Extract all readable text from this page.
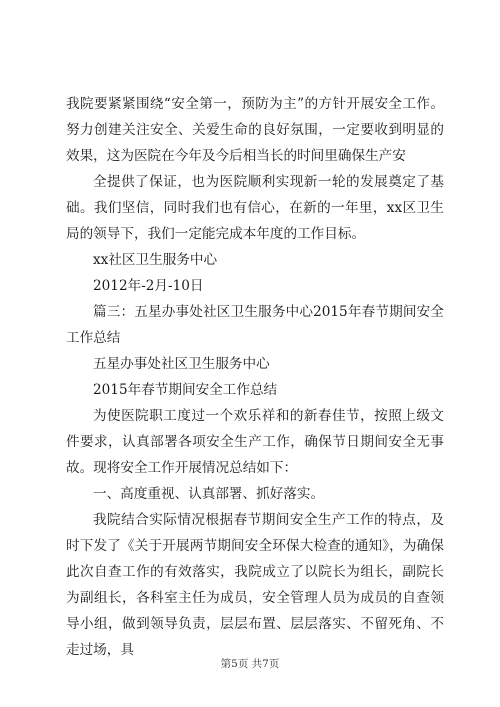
我院要紧紧围绕“安全第一，预防为主”的方针开展安全工作。努力创建关注安全、关爱生命的良好氛围，一定要收到明显的效果，这为医院在今年及今后相当长的时间里确保生产安

全提供了保证，也为医院顺利实现新一轮的发展奠定了基础。我们坚信，同时我们也有信心，在新的一年里，xx区卫生局的领导下，我们一定能完成本年度的工作目标。

xx社区卫生服务中心

2012年-2月-10日

篇三：五星办事处社区卫生服务中心2015年春节期间安全工作总结

五星办事处社区卫生服务中心

2015年春节期间安全工作总结

为使医院职工度过一个欢乐祥和的新春佳节，按照上级文件要求，认真部署各项安全生产工作，确保节日期间安全无事故。现将安全工作开展情况总结如下：

一、高度重视、认真部署、抓好落实。

我院结合实际情况根据春节期间安全生产工作的特点，及时下发了《关于开展两节期间安全环保大检查的通知》，为确保此次自查工作的有效落实，我院成立了以院长为组长，副院长为副组长，各科室主任为成员，安全管理人员为成员的自查领导小组，做到领导负责，层层布置、层层落实、不留死角、不走过场，具

第5页 共7页
